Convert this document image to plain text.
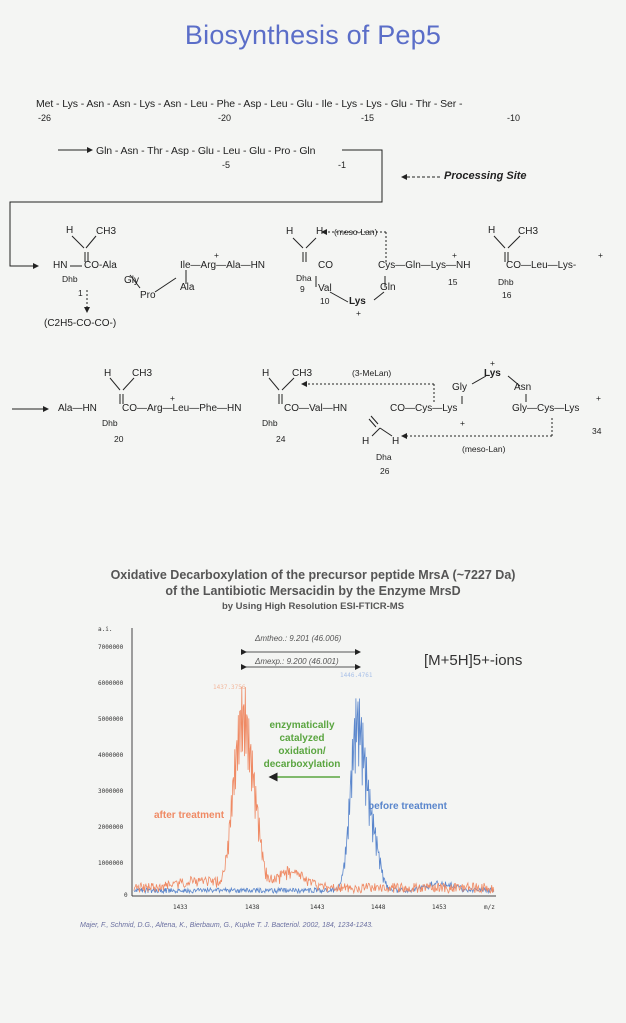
Biosynthesis of Pep5
Met - Lys - Asn - Asn - Lys - Asn - Leu - Phe - Asp - Leu - Glu - Ile - Lys - Lys - Glu - Thr - Ser -
-26	-20	-15	-10
Gln - Asn - Thr - Asp - Glu - Leu - Glu - Pro - Gln
-5	-1
Processing Site
H CH3
HN CO-Ala
Dhb
1
Gly
Pro
Ala
Ile—Arg—Ala—HN
+
H H (meso-Lan)
CO
Dha
9 Val
10 Lys
+
Gln
Cys—Gln—Lys—NH
+
15
H CH3
CO—Leu—Lys-
+
Dhb
16
(C2H5-CO-CO-)
H CH3
Ala—HN	CO—Arg—Leu—Phe—HN
+
Dhb
20
H CH3
CO—Val—HN
Dhb
24
(3-MeLan)
CO—Cys—Lys
+
Gly
Lys
+
Asn
Gly—Cys—Lys
+
34
H H
Dha
26
(meso-Lan)
Oxidative Decarboxylation of the precursor peptide MrsA (~7227 Da)
of the Lantibiotic Mersacidin by the Enzyme MrsD
by Using High Resolution ESI-FTICR-MS
a.i.
7000000
6000000
5000000
4000000
3000000
2000000
1000000
0
1433	1438	1443	1448	1453	m/z
Δmtheo.: 9.201 (46.006)
Δmexp.: 9.200 (46.001)	[M+5H]5+-ions
1437.3756
1446.4761
enzymatically
catalyzed
oxidation/
decarboxylation
after treatment
before treatment
Majer, F., Schmid, D.G., Altena, K., Bierbaum, G., Kupke T. J. Bacteriol. 2002, 184, 1234-1243.
